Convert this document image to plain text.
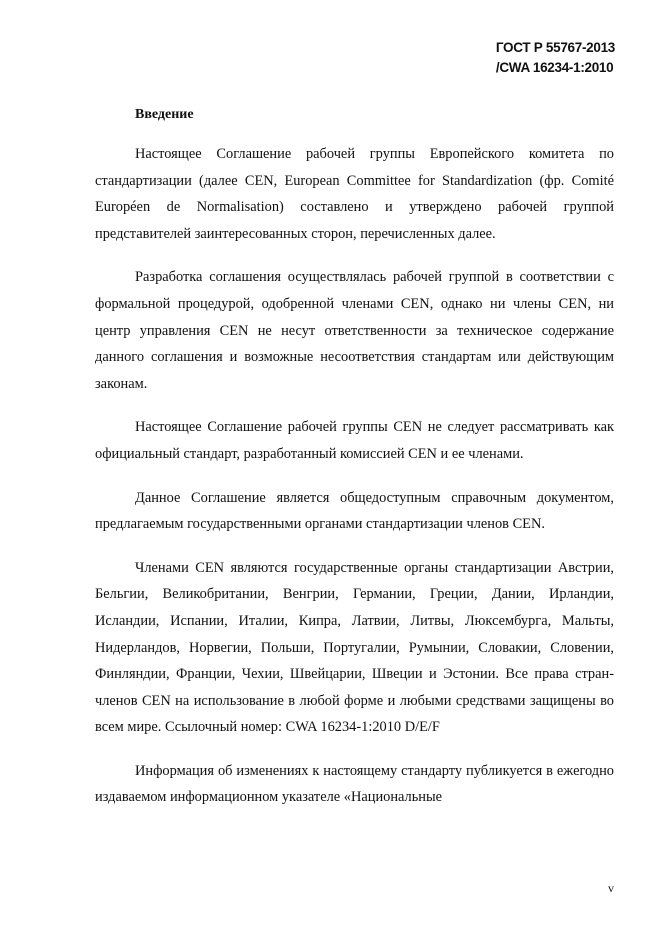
ГОСТ Р 55767-2013
/CWA 16234-1:2010
Введение

Настоящее Соглашение рабочей группы Европейского комитета по стандартизации (далее CEN, European Committee for Standardization (фр. Comité Européen de Normalisation) составлено и утверждено рабочей группой представителей заинтересованных сторон, перечисленных далее.

Разработка соглашения осуществлялась рабочей группой в соответствии с формальной процедурой, одобренной членами CEN, однако ни члены CEN, ни центр управления CEN не несут ответственности за техническое содержание данного соглашения и возможные несоответствия стандартам или действующим законам.

Настоящее Соглашение рабочей группы CEN не следует рассматривать как официальный стандарт, разработанный комиссией CEN и ее членами.

Данное Соглашение является общедоступным справочным документом, предлагаемым государственными органами стандартизации членов CEN.

Членами CEN являются государственные органы стандартизации Австрии, Бельгии, Великобритании, Венгрии, Германии, Греции, Дании, Ирландии, Исландии, Испании, Италии, Кипра, Латвии, Литвы, Люксембурга, Мальты, Нидерландов, Норвегии, Польши, Португалии, Румынии, Словакии, Словении, Финляндии, Франции, Чехии, Швейцарии, Швеции и Эстонии. Все права стран-членов CEN на использование в любой форме и любыми средствами защищены во всем мире. Ссылочный номер: CWA 16234-1:2010 D/E/F

Информация об изменениях к настоящему стандарту публикуется в ежегодно издаваемом информационном указателе «Национальные

v
